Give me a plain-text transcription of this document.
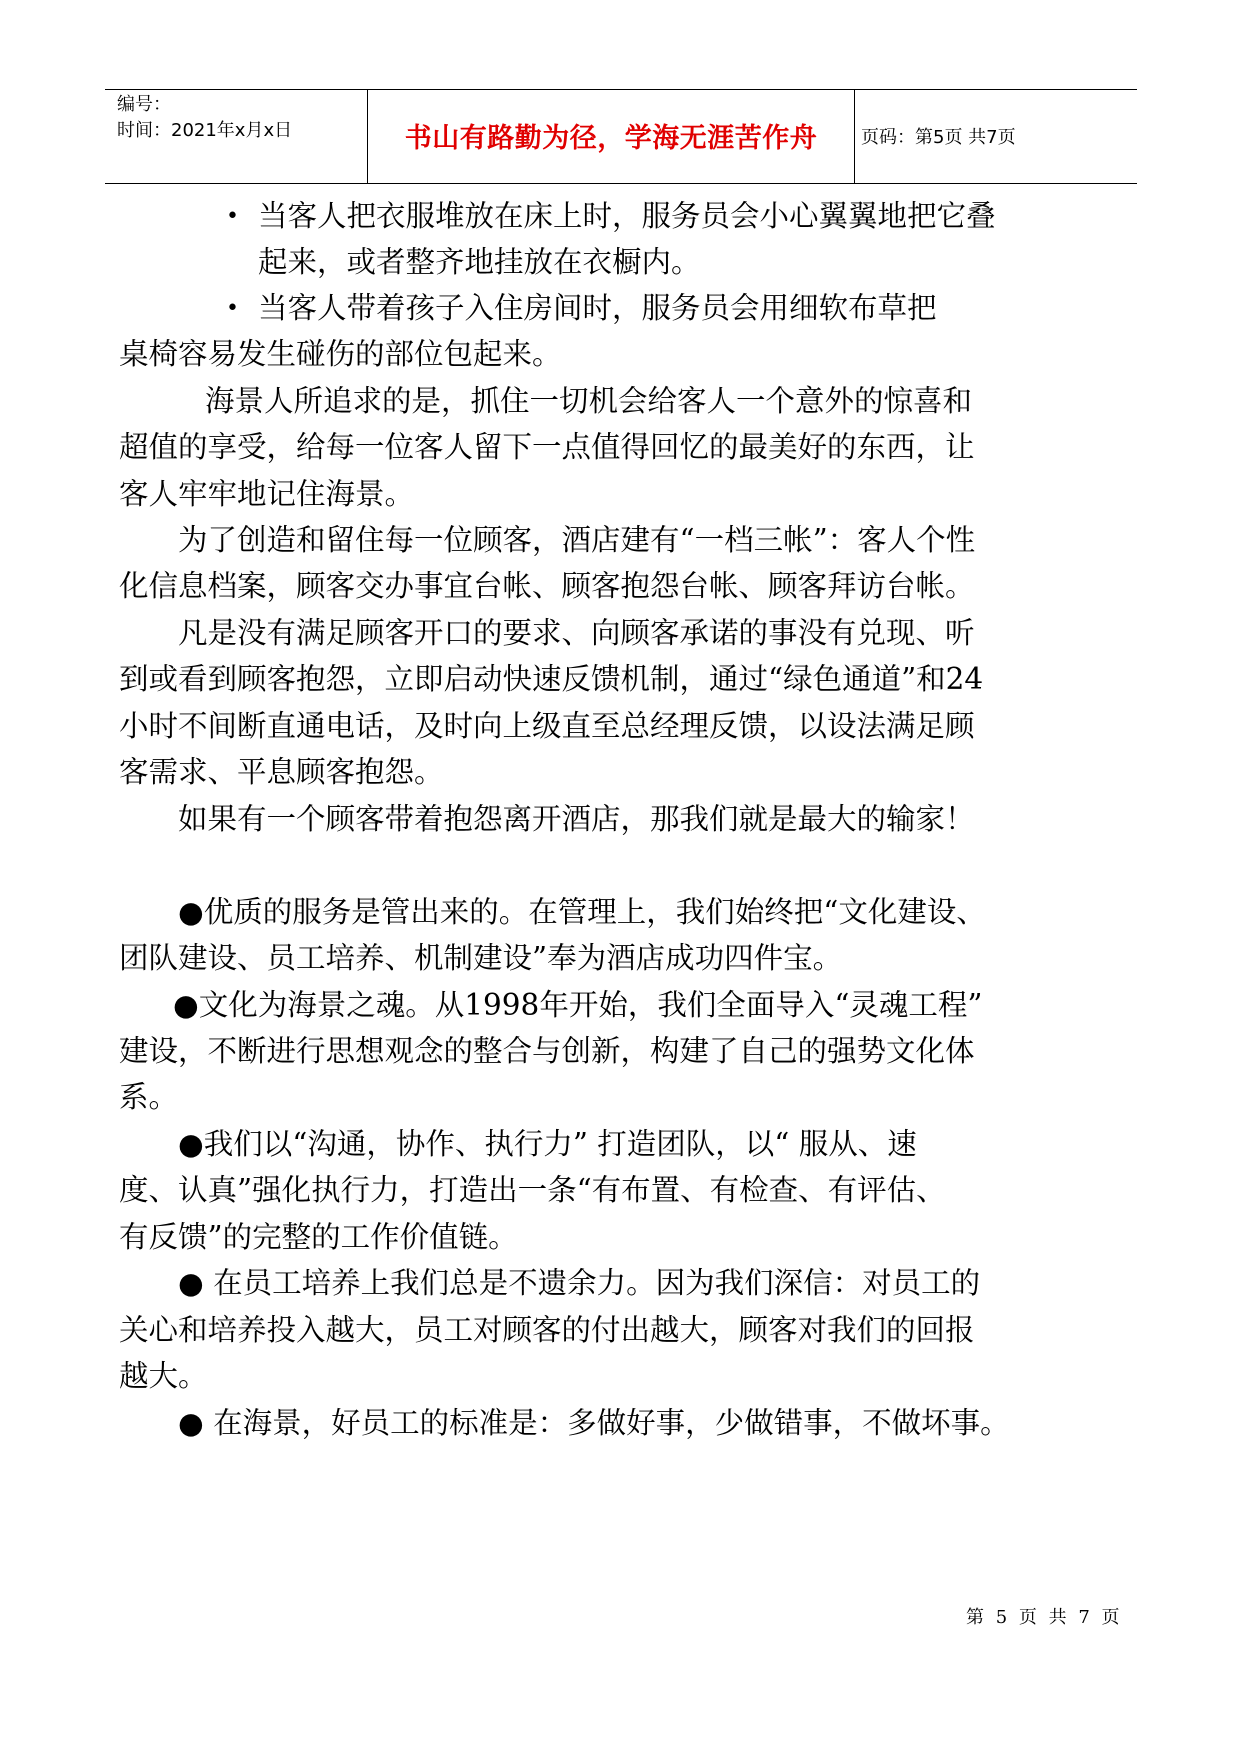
编号：
时间：2021年x月x日	书山有路勤为径，学海无涯苦作舟	页码：第5页 共7页
• 当客人把衣服堆放在床上时，服务员会小心翼翼地把它叠
起来，或者整齐地挂放在衣橱内。
• 当客人带着孩子入住房间时，服务员会用细软布草把
桌椅容易发生碰伤的部位包起来。
海景人所追求的是，抓住一切机会给客人一个意外的惊喜和
超值的享受，给每一位客人留下一点值得回忆的最美好的东西，让
客人牢牢地记住海景。
为了创造和留住每一位顾客，酒店建有“一档三帐”：客人个性
化信息档案，顾客交办事宜台帐、顾客抱怨台帐、顾客拜访台帐。
凡是没有满足顾客开口的要求、向顾客承诺的事没有兑现、听
到或看到顾客抱怨，立即启动快速反馈机制，通过“绿色通道”和24
小时不间断直通电话，及时向上级直至总经理反馈，以设法满足顾
客需求、平息顾客抱怨。
如果有一个顾客带着抱怨离开酒店，那我们就是最大的输家！
●优质的服务是管出来的。在管理上，我们始终把“文化建设、
团队建设、员工培养、机制建设”奉为酒店成功四件宝。
●文化为海景之魂。从1998年开始，我们全面导入“灵魂工程”
建设，不断进行思想观念的整合与创新，构建了自己的强势文化体
系。
●我们以“沟通，协作、执行力” 打造团队，以“ 服从、速
度、认真”强化执行力，打造出一条“有布置、有检查、有评估、
有反馈”的完整的工作价值链。
● 在员工培养上我们总是不遗余力。因为我们深信：对员工的
关心和培养投入越大，员工对顾客的付出越大，顾客对我们的回报
越大。
● 在海景，好员工的标准是：多做好事，少做错事，不做坏事。
第 5 页 共 7 页
